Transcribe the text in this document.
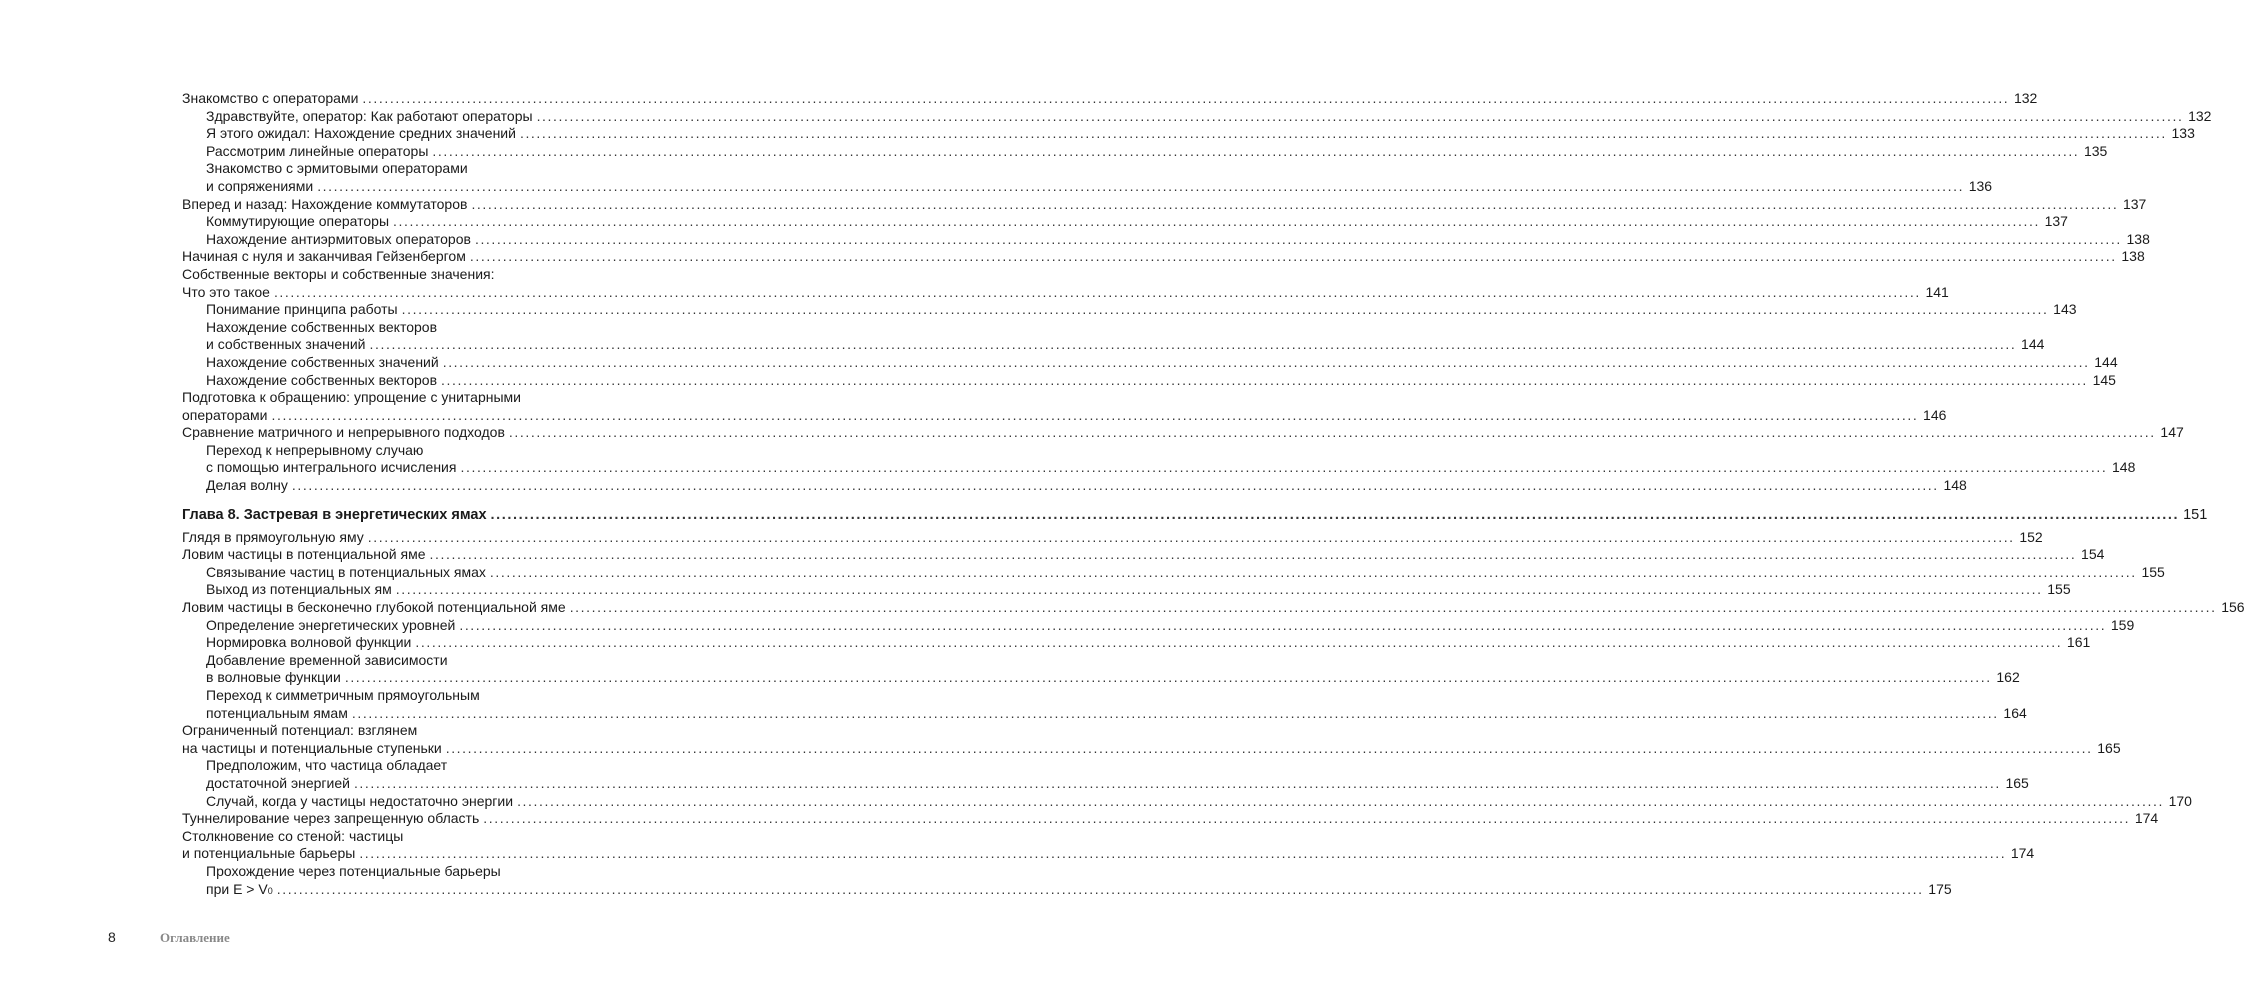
Знакомство с операторами ............................................................................................................................................................................................................................................................................................................ 132
Здравствуйте, оператор: Как работают операторы ............................................................................................................................................................................................................................................................................................................ 132
Я этого ожидал: Нахождение средних значений ............................................................................................................................................................................................................................................................................................................ 133
Рассмотрим линейные операторы ............................................................................................................................................................................................................................................................................................................ 135
Знакомство с эрмитовыми операторами
и сопряжениями ............................................................................................................................................................................................................................................................................................................ 136
Вперед и назад: Нахождение коммутаторов ............................................................................................................................................................................................................................................................................................................ 137
Коммутирующие операторы ............................................................................................................................................................................................................................................................................................................ 137
Нахождение антиэрмитовых операторов ............................................................................................................................................................................................................................................................................................................ 138
Начиная с нуля и заканчивая Гейзенбергом ............................................................................................................................................................................................................................................................................................................ 138
Собственные векторы и собственные значения:
Что это такое ............................................................................................................................................................................................................................................................................................................ 141
Понимание принципа работы ............................................................................................................................................................................................................................................................................................................ 143
Нахождение собственных векторов
и собственных значений ............................................................................................................................................................................................................................................................................................................ 144
Нахождение собственных значений ............................................................................................................................................................................................................................................................................................................ 144
Нахождение собственных векторов ............................................................................................................................................................................................................................................................................................................ 145
Подготовка к обращению: упрощение с унитарными
операторами ............................................................................................................................................................................................................................................................................................................ 146
Сравнение матричного и непрерывного подходов ............................................................................................................................................................................................................................................................................................................ 147
Переход к непрерывному случаю
с помощью интегрального исчисления ............................................................................................................................................................................................................................................................................................................ 148
Делая волну ............................................................................................................................................................................................................................................................................................................ 148
Глава 8. Застревая в энергетических ямах ............................................................................................................................................................................................................................................................................................................ 151
Глядя в прямоугольную яму ............................................................................................................................................................................................................................................................................................................ 152
Ловим частицы в потенциальной яме ............................................................................................................................................................................................................................................................................................................ 154
Связывание частиц в потенциальных ямах ............................................................................................................................................................................................................................................................................................................ 155
Выход из потенциальных ям ............................................................................................................................................................................................................................................................................................................ 155
Ловим частицы в бесконечно глубокой потенциальной яме ............................................................................................................................................................................................................................................................................................................ 156
Определение энергетических уровней ............................................................................................................................................................................................................................................................................................................ 159
Нормировка волновой функции ............................................................................................................................................................................................................................................................................................................ 161
Добавление временной зависимости
в волновые функции ............................................................................................................................................................................................................................................................................................................ 162
Переход к симметричным прямоугольным
потенциальным ямам ............................................................................................................................................................................................................................................................................................................ 164
Ограниченный потенциал: взглянем
на частицы и потенциальные ступеньки ............................................................................................................................................................................................................................................................................................................ 165
Предположим, что частица обладает
достаточной энергией ............................................................................................................................................................................................................................................................................................................ 165
Случай, когда у частицы недостаточно энергии ............................................................................................................................................................................................................................................................................................................ 170
Туннелирование через запрещенную область ............................................................................................................................................................................................................................................................................................................ 174
Столкновение со стеной: частицы
и потенциальные барьеры ............................................................................................................................................................................................................................................................................................................ 174
Прохождение через потенциальные барьеры
при E > V 0 ............................................................................................................................................................................................................................................................................................................ 175
8	Оглавление
